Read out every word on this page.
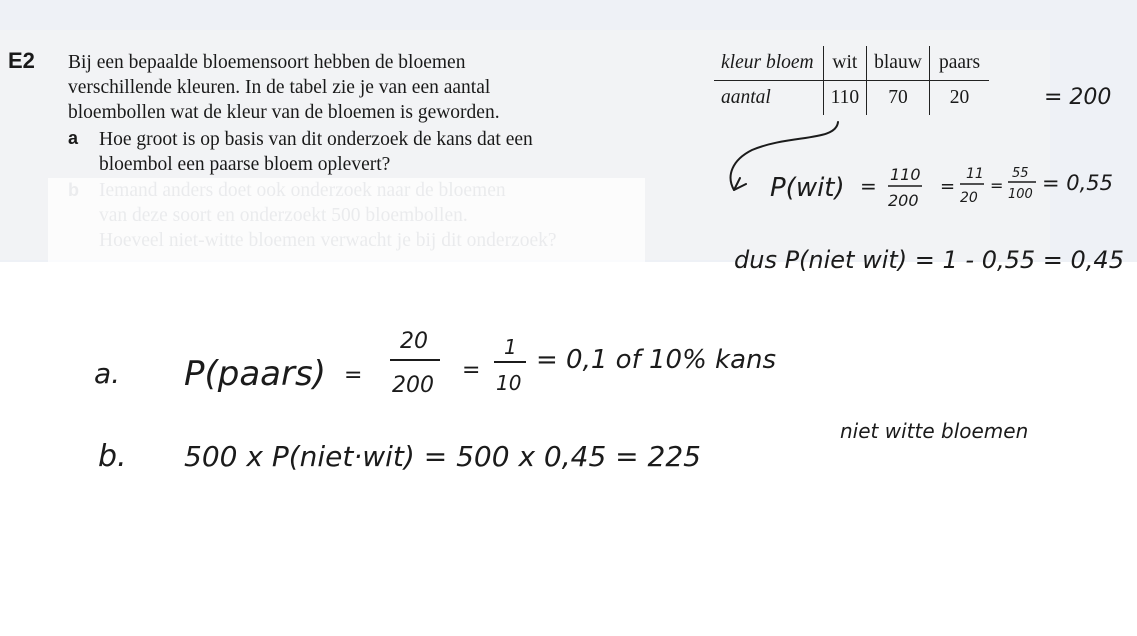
E2 Bij een bepaalde bloemensoort hebben de bloemen
verschillende kleuren. In de tabel zie je van een aantal
bloembollen wat de kleur van de bloemen is geworden.
a Hoe groot is op basis van dit onderzoek de kans dat een
bloembol een paarse bloem oplevert?
kleur bloem	wit	blauw	paars
aantal	110	70	20	= 200
P(wit) = 110
200
=
11
20
=
55
100 = 0,55
dus P(niet wit) = 1 - 0,55 = 0,45
a. P(paars) =
20
200
=
1
10
= 0,1 of 10% kans
b. 500 x P(niet·wit) = 500 x 0,45 = 225
niet witte bloemen
